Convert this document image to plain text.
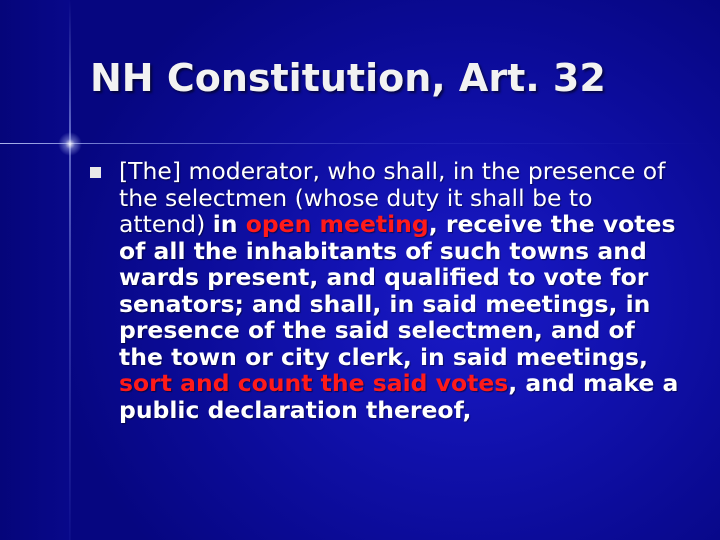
NH Constitution, Art. 32

[The] moderator, who shall, in the presence of the selectmen (whose duty it shall be to attend) in open meeting, receive the votes of all the inhabitants of such towns and wards present, and qualified to vote for senators; and shall, in said meetings, in presence of the said selectmen, and of the town or city clerk, in said meetings, sort and count the said votes, and make a public declaration thereof,
